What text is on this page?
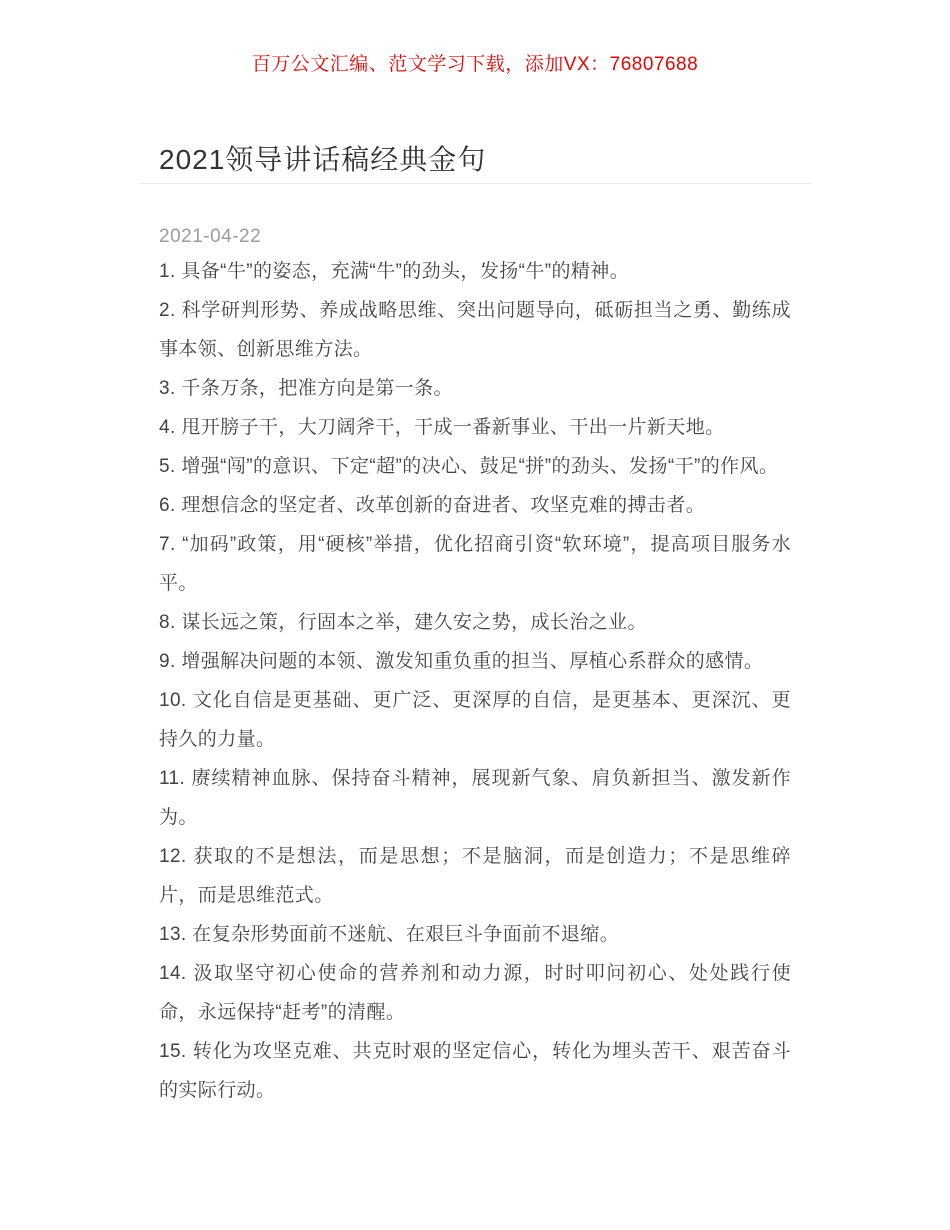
百万公文汇编、范文学习下载，添加VX：76807688
2021领导讲话稿经典金句
2021-04-22

1. 具备“牛”的姿态，充满“牛”的劲头，发扬“牛”的精神。

2. 科学研判形势、养成战略思维、突出问题导向，砥砺担当之勇、勤练成事本领、创新思维方法。

3. 千条万条，把准方向是第一条。

4. 甩开膀子干，大刀阔斧干，干成一番新事业、干出一片新天地。

5. 增强“闯”的意识、下定“超”的决心、鼓足“拼”的劲头、发扬“干”的作风。

6. 理想信念的坚定者、改革创新的奋进者、攻坚克难的搏击者。

7. “加码”政策，用“硬核”举措，优化招商引资“软环境”，提高项目服务水平。

8. 谋长远之策，行固本之举，建久安之势，成长治之业。

9. 增强解决问题的本领、激发知重负重的担当、厚植心系群众的感情。

10. 文化自信是更基础、更广泛、更深厚的自信，是更基本、更深沉、更持久的力量。

11. 赓续精神血脉、保持奋斗精神，展现新气象、肩负新担当、激发新作为。

12. 获取的不是想法，而是思想；不是脑洞，而是创造力；不是思维碎片，而是思维范式。

13. 在复杂形势面前不迷航、在艰巨斗争面前不退缩。

14. 汲取坚守初心使命的营养剂和动力源，时时叩问初心、处处践行使命，永远保持“赶考”的清醒。

15. 转化为攻坚克难、共克时艰的坚定信心，转化为埋头苦干、艰苦奋斗的实际行动。
